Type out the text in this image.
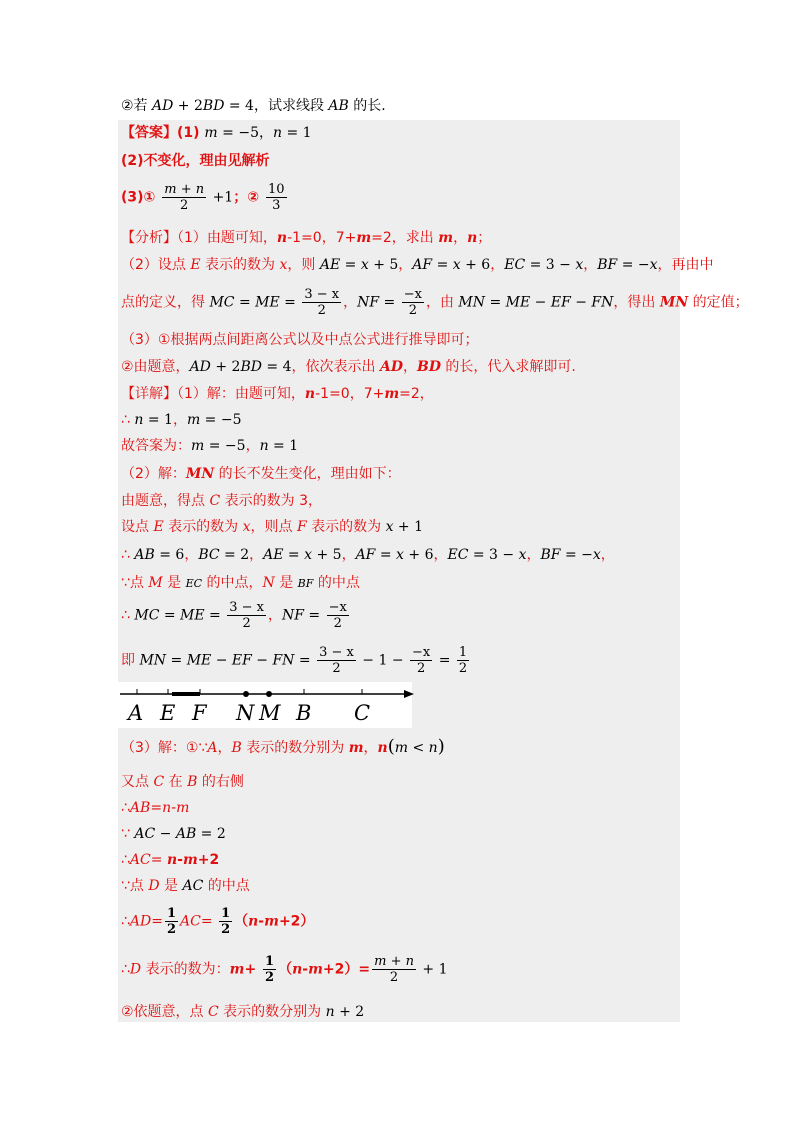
②若 AD + 2BD = 4，试求线段 AB 的长.
【答案】(1) m = −5，n = 1
(2)不变化，理由见解析
(3)① $\frac{m + n}{2} +1$；② $\frac{10}{3}$
【分析】（1）由题可知，n-1=0，7+m=2，求出 m，n；
（2）设点 E 表示的数为 x，则 AE = x + 5，AF = x + 6，EC = 3 − x，BF = −x，再由中
点的定义，得 MC = ME = $\frac{3 - x}{2}$ ，NF = $\frac{-x}{2}$ ，由 MN = ME − EF − FN，得出 MN 的定值；
（3）①根据两点间距离公式以及中点公式进行推导即可；
②由题意，AD + 2BD = 4，依次表示出 AD，BD 的长，代入求解即可.
【详解】（1）解：由题可知，n-1=0，7+m=2，
∴ n = 1，m = −5
故答案为：m = −5，n = 1
（2）解：MN 的长不发生变化，理由如下：
由题意，得点 C 表示的数为 3，
设点 E 表示的数为 x，则点 F 表示的数为 x + 1
∴ AB = 6，BC = 2，AE = x + 5，AF = x + 6，EC = 3 − x，BF = −x，
∵点 M 是 EC 的中点，N 是 BF 的中点
∴ MC = ME = $\frac{3 - x}{2}$ ，NF = $\frac{-x}{2}$
即 MN = ME − EF − FN = $\frac{3 - x}{2} - 1 - \frac{-x}{2} = \frac{1}{2}$
A E F N M B C
（3）解：①∵A，B 表示的数分别为 m，n(m < n)
又点 C 在 B 的右侧
∴AB=n-m
∵ AC − AB = 2
∴AC= n-m+2
∵点 D 是 AC 的中点
∴AD= $\frac{1}{2} AC= \frac{1}{2} (n-m+2)$
∴D 表示的数为：$m+ \frac{1}{2} (n-m+2)= \frac{m + n}{2} + 1$
②依题意，点 C 表示的数分别为 n + 2
